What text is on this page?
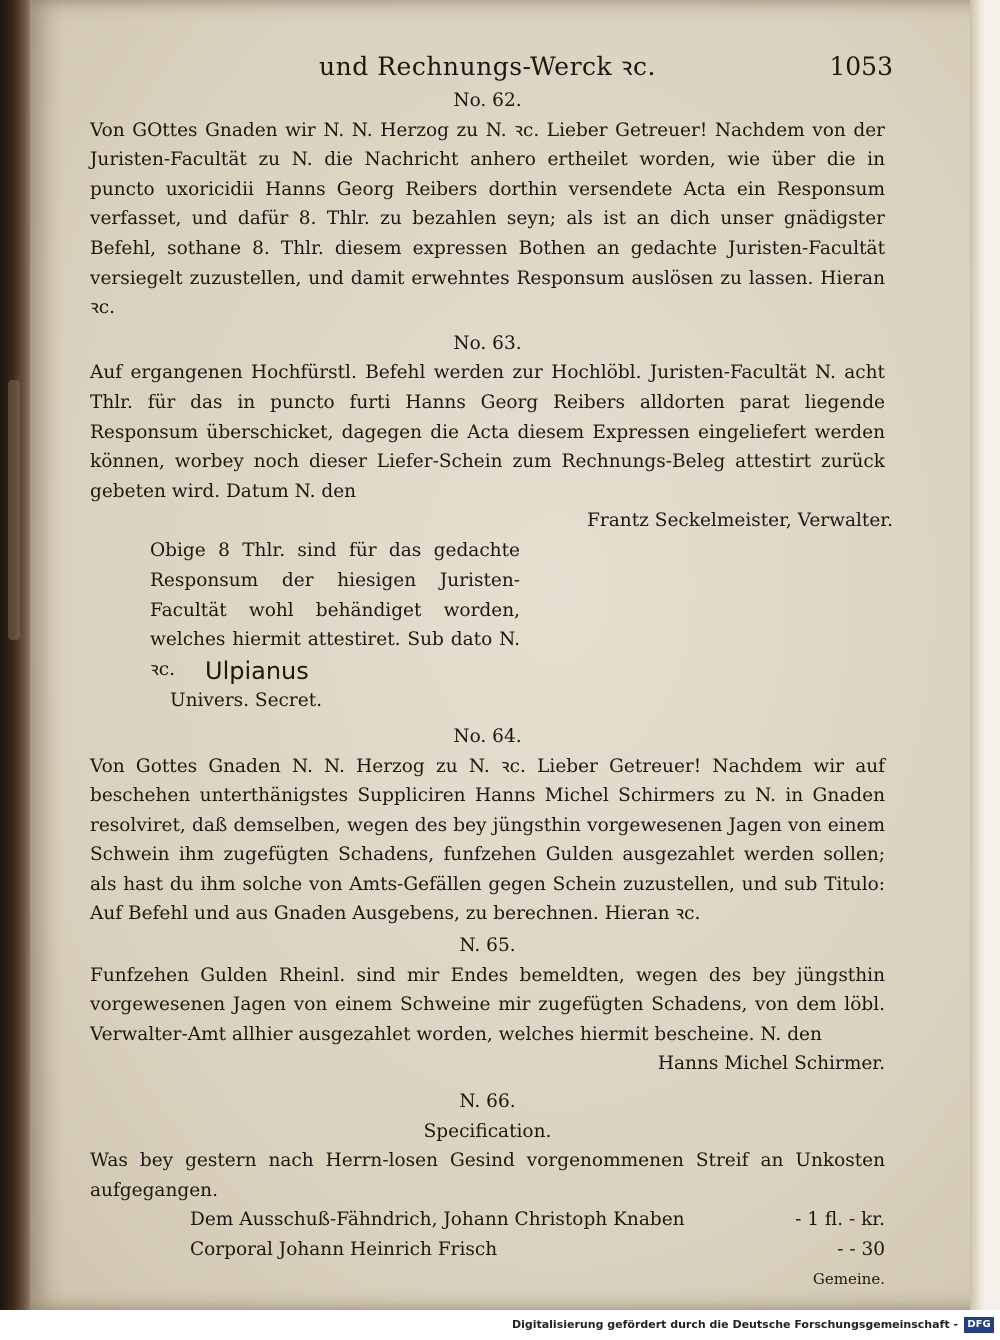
und Rechnungs-Werck ꝛc.	1053

No. 62.

Von GOttes Gnaden wir N. N. Herzog zu N. ꝛc. Lieber Getreuer! Nachdem von der Juristen-Facultät zu N. die Nachricht anhero ertheilet worden, wie über die in puncto uxoricidii Hanns Georg Reibers dorthin versendete Acta ein Responsum verfasset, und dafür 8. Thlr. zu bezahlen seyn; als ist an dich unser gnädigster Befehl, sothane 8. Thlr. diesem expressen Bothen an gedachte Juristen-Facultät versiegelt zuzustellen, und damit erwehntes Responsum auslösen zu lassen. Hieran ꝛc.

No. 63.

Auf ergangenen Hochfürstl. Befehl werden zur Hochlöbl. Juristen-Facultät N. acht Thlr. für das in puncto furti Hanns Georg Reibers alldorten parat liegende Responsum überschicket, dagegen die Acta diesem Expressen eingeliefert werden können, worbey noch dieser Liefer-Schein zum Rechnungs-Beleg attestirt zurück gebeten wird. Datum N. den

Frantz Seckelmeister, Verwalter.

Obige 8 Thlr. sind für das gedachte Responsum der hiesigen Juristen-Facultät wohl behändiget worden, welches hiermit attestiret. Sub dato N. ꝛc.	Ulpianus

Univers. Secret.

No. 64.

Von Gottes Gnaden N. N. Herzog zu N. ꝛc. Lieber Getreuer! Nachdem wir auf beschehen unterthänigstes Suppliciren Hanns Michel Schirmers zu N. in Gnaden resolviret, daß demselben, wegen des bey jüngsthin vorgewesenen Jagen von einem Schwein ihm zugefügten Schadens, funfzehen Gulden ausgezahlet werden sollen; als hast du ihm solche von Amts-Gefällen gegen Schein zuzustellen, und sub Titulo: Auf Befehl und aus Gnaden Ausgebens, zu berechnen. Hieran ꝛc.

N. 65.

Funfzehen Gulden Rheinl. sind mir Endes bemeldten, wegen des bey jüngsthin vorgewesenen Jagen von einem Schweine mir zugefügten Schadens, von dem löbl. Verwalter-Amt allhier ausgezahlet worden, welches hiermit bescheine. N. den

Hanns Michel Schirmer.

N. 66.

Specification.

Was bey gestern nach Herrn-losen Gesind vorgenommenen Streif an Unkosten aufgegangen.

Dem Ausschuß-Fähndrich, Johann Christoph Knaben	- 1 fl. - kr.
Corporal Johann Heinrich Frisch	- - 30

Gemeine.

Digitalisierung gefördert durch die Deutsche Forschungsgemeinschaft - DFG
